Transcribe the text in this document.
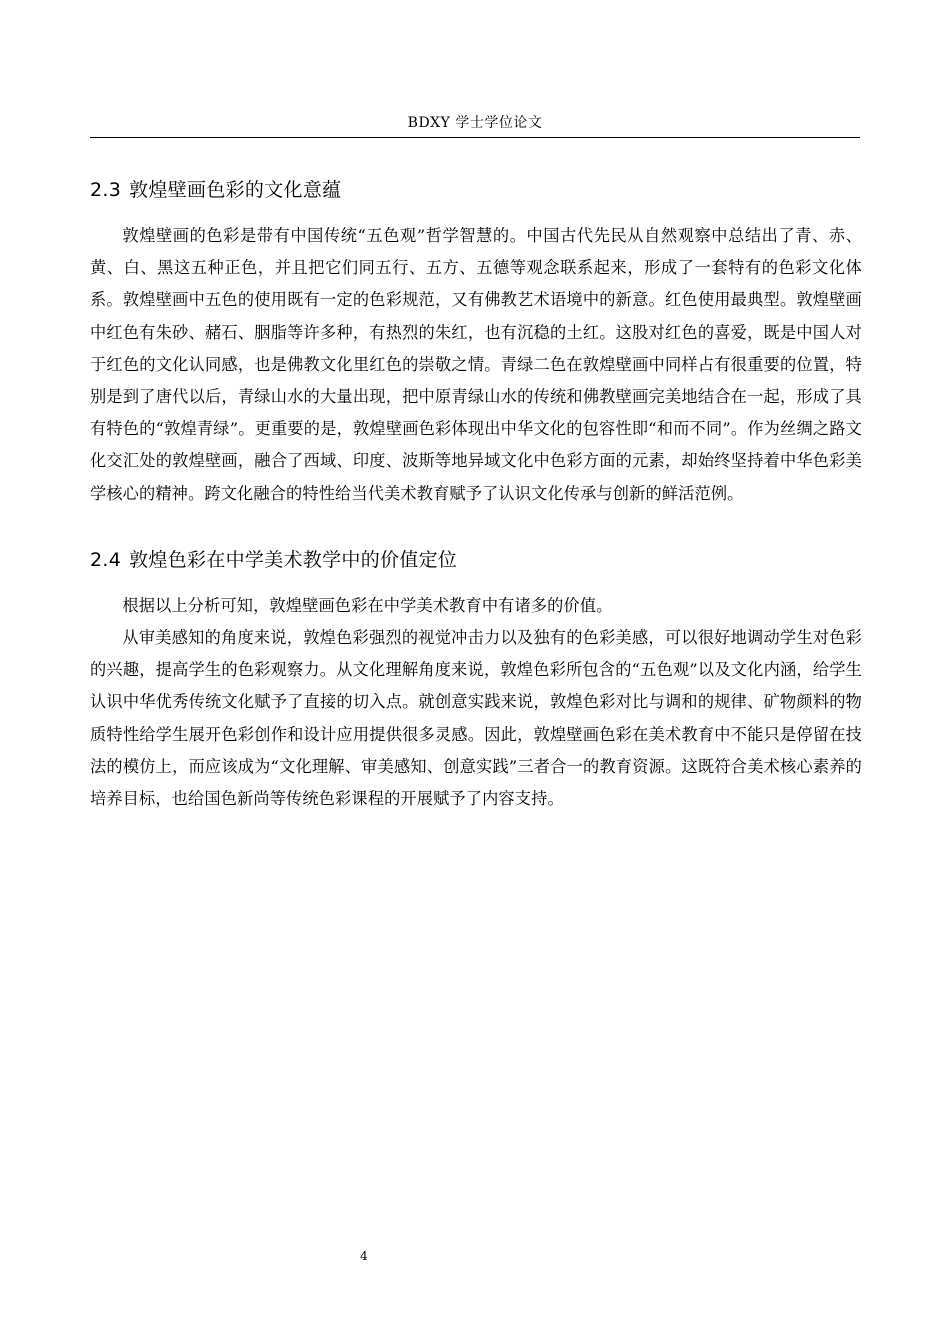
BDXY 学士学位论文
2.3 敦煌壁画色彩的文化意蕴

敦煌壁画的色彩是带有中国传统“五色观”哲学智慧的。中国古代先民从自然观察中总结出了青、赤、黄、白、黑这五种正色，并且把它们同五行、五方、五德等观念联系起来，形成了一套特有的色彩文化体系。敦煌壁画中五色的使用既有一定的色彩规范，又有佛教艺术语境中的新意。红色使用最典型。敦煌壁画中红色有朱砂、赭石、胭脂等许多种，有热烈的朱红，也有沉稳的土红。这股对红色的喜爱，既是中国人对于红色的文化认同感，也是佛教文化里红色的崇敬之情。青绿二色在敦煌壁画中同样占有很重要的位置，特别是到了唐代以后，青绿山水的大量出现，把中原青绿山水的传统和佛教壁画完美地结合在一起，形成了具有特色的“敦煌青绿”。更重要的是，敦煌壁画色彩体现出中华文化的包容性即“和而不同”。作为丝绸之路文化交汇处的敦煌壁画，融合了西域、印度、波斯等地异域文化中色彩方面的元素，却始终坚持着中华色彩美学核心的精神。跨文化融合的特性给当代美术教育赋予了认识文化传承与创新的鲜活范例。

2.4 敦煌色彩在中学美术教学中的价值定位

根据以上分析可知，敦煌壁画色彩在中学美术教育中有诸多的价值。

从审美感知的角度来说，敦煌色彩强烈的视觉冲击力以及独有的色彩美感，可以很好地调动学生对色彩的兴趣，提高学生的色彩观察力。从文化理解角度来说，敦煌色彩所包含的“五色观”以及文化内涵，给学生认识中华优秀传统文化赋予了直接的切入点。就创意实践来说，敦煌色彩对比与调和的规律、矿物颜料的物质特性给学生展开色彩创作和设计应用提供很多灵感。因此，敦煌壁画色彩在美术教育中不能只是停留在技法的模仿上，而应该成为“文化理解、审美感知、创意实践”三者合一的教育资源。这既符合美术核心素养的培养目标，也给国色新尚等传统色彩课程的开展赋予了内容支持。

4
